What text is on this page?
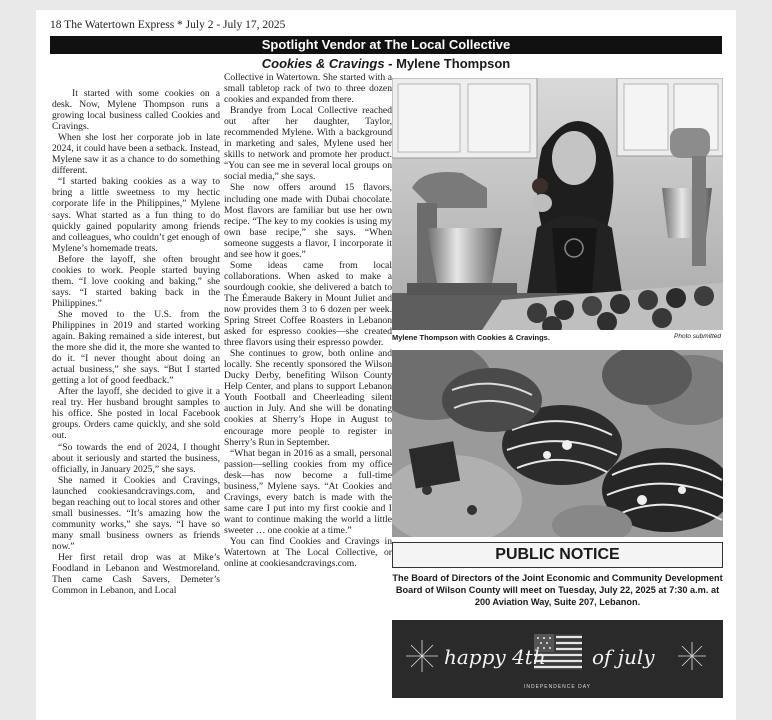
18 The Watertown Express * July 2 - July 17, 2025
Spotlight Vendor at The Local Collective
Cookies & Cravings - Mylene Thompson

It started with some cookies on a desk. Now, Mylene Thompson runs a growing local business called Cookies and Cravings.

When she lost her corporate job in late 2024, it could have been a setback. Instead, Mylene saw it as a chance to do something different.

“I started baking cookies as a way to bring a little sweetness to my hectic corporate life in the Philippines,” Mylene says. What started as a fun thing to do quickly gained popularity among friends and colleagues, who couldn’t get enough of Mylene’s homemade treats.

Before the layoff, she often brought cookies to work. People started buying them. “I love cooking and baking,” she says. “I started baking back in the Philippines.”

She moved to the U.S. from the Philippines in 2019 and started working again. Baking remained a side interest, but the more she did it, the more she wanted to do it. “I never thought about doing an actual business,” she says. “But I started getting a lot of good feedback.”

After the layoff, she decided to give it a real try. Her husband brought samples to his office. She posted in local Facebook groups. Orders came quickly, and she sold out.

“So towards the end of 2024, I thought about it seriously and started the business, officially, in January 2025,” she says.

She named it Cookies and Cravings, launched cookiesandcravings.com, and began reaching out to local stores and other small businesses. “It’s amazing how the community works,” she says. “I have so many small business owners as friends now.”

Her first retail drop was at Mike’s Foodland in Lebanon and Westmoreland. Then came Cash Savers, Demeter’s Common in Lebanon, and Local

Collective in Watertown. She started with a small tabletop rack of two to three dozen cookies and expanded from there.

Brandye from Local Collective reached out after her daughter, Taylor, recommended Mylene. With a background in marketing and sales, Mylene used her skills to network and promote her product. “You can see me in several local groups on social media,” she says.

She now offers around 15 flavors, including one made with Dubai chocolate. Most flavors are familiar but use her own recipe. “The key to my cookies is using my own base recipe,” she says. “When someone suggests a flavor, I incorporate it and see how it goes.”

Some ideas came from local collaborations. When asked to make a sourdough cookie, she delivered a batch to The Émeraude Bakery in Mount Juliet and now provides them 3 to 6 dozen per week. Spring Street Coffee Roasters in Lebanon asked for espresso cookies—she created three flavors using their espresso powder.

She continues to grow, both online and locally. She recently sponsored the Wilson Ducky Derby, benefiting Wilson County Help Center, and plans to support Lebanon Youth Football and Cheerleading silent auction in July. And she will be donating cookies at Sherry’s Hope in August to encourage more people to register in Sherry’s Run in September.

“What began in 2016 as a small, personal passion—selling cookies from my office desk—has now become a full-time business,” Mylene says. “At Cookies and Cravings, every batch is made with the same care I put into my first cookie and I want to continue making the world a little sweeter … one cookie at a time.”

You can find Cookies and Cravings in Watertown at The Local Collective, or online at cookiesandcravings.com.

Mylene Thompson with Cookies & Cravings.	Photo submitted
PUBLIC NOTICE
The Board of Directors of the Joint Economic and Community Development Board of Wilson County will meet on Tuesday, July 22, 2025 at 7:30 a.m. at 200 Aviation Way, Suite 207, Lebanon.
happy 4th of july
INDEPENDENCE DAY
